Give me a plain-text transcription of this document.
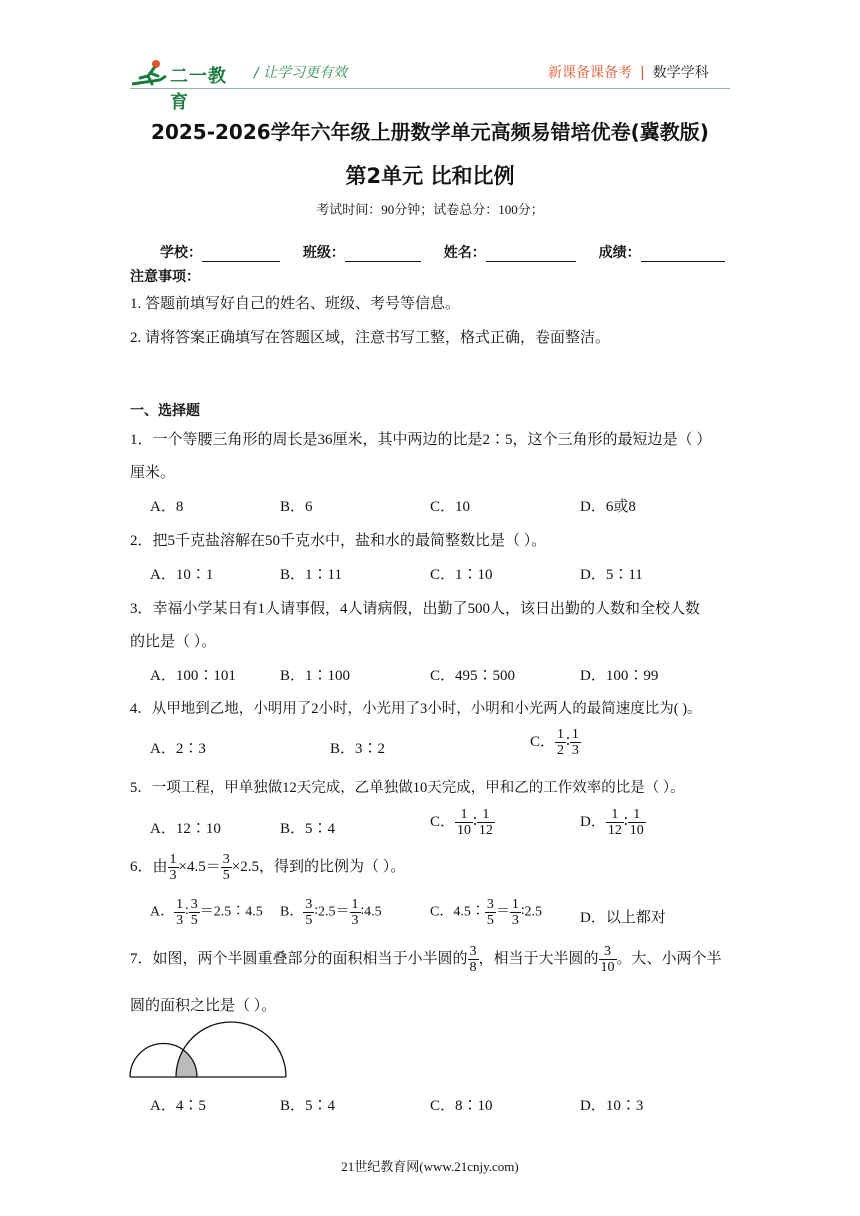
二一教育
/ 让学习更有效	新课备课备考 | 数学学科
2025-2026学年六年级上册数学单元高频易错培优卷(冀教版)
第2单元 比和比例
考试时间：90分钟；试卷总分：100分；
学校：	班级：	姓名：	成绩：
注意事项：
1. 答题前填写好自己的姓名、班级、考号等信息。
2. 请将答案正确填写在答题区域，注意书写工整，格式正确，卷面整洁。
一、选择题
1．一个等腰三角形的周长是36厘米，其中两边的比是2∶5，这个三角形的最短边是（ ）
厘米。
A．8	B．6	C．10	D．6或8
2．把5千克盐溶解在50千克水中，盐和水的最简整数比是（ ）。
A．10∶1	B．1∶11	C．1∶10	D．5∶11
3．幸福小学某日有1人请事假，4人请病假，出勤了500人，该日出勤的人数和全校人数
的比是（ ）。
A．100∶101	B．1∶100	C．495∶500	D．100∶99
4．从甲地到乙地，小明用了2小时，小光用了3小时，小明和小光两人的最简速度比为( )。
A．2∶3	B．3∶2	C． $\frac{1}{2}$ ∶ $\frac{1}{3}$
5．一项工程，甲单独做12天完成，乙单独做10天完成，甲和乙的工作效率的比是（ ）。
A．12∶10	B．5∶4	C． $\frac{1}{10}$ ∶ $\frac{1}{12}$	D． $\frac{1}{12}$ ∶ $\frac{1}{10}$
6．由 $\frac{1}{3} \times 4.5= \frac{3}{5} \times 2.5$，得到的比例为（ ）。
A． $\frac{1}{3}$ ∶ $\frac{3}{5}$ ＝2.5∶4.5 B． $\frac{3}{5}$ ∶2.5＝ $\frac{1}{3}$ ∶4.5	C．4.5∶ $\frac{3}{5} = \frac{1}{3}$ ∶2.5	D．以上都对
7．如图，两个半圆重叠部分的面积相当于小半圆的 $\frac{3}{8}$ ，相当于大半圆的 $\frac{3}{10}$ 。大、小两个半
圆的面积之比是（ ）。
A．4∶5	B．5∶4	C．8∶10	D．10∶3
21世纪教育网(www.21cnjy.com)
